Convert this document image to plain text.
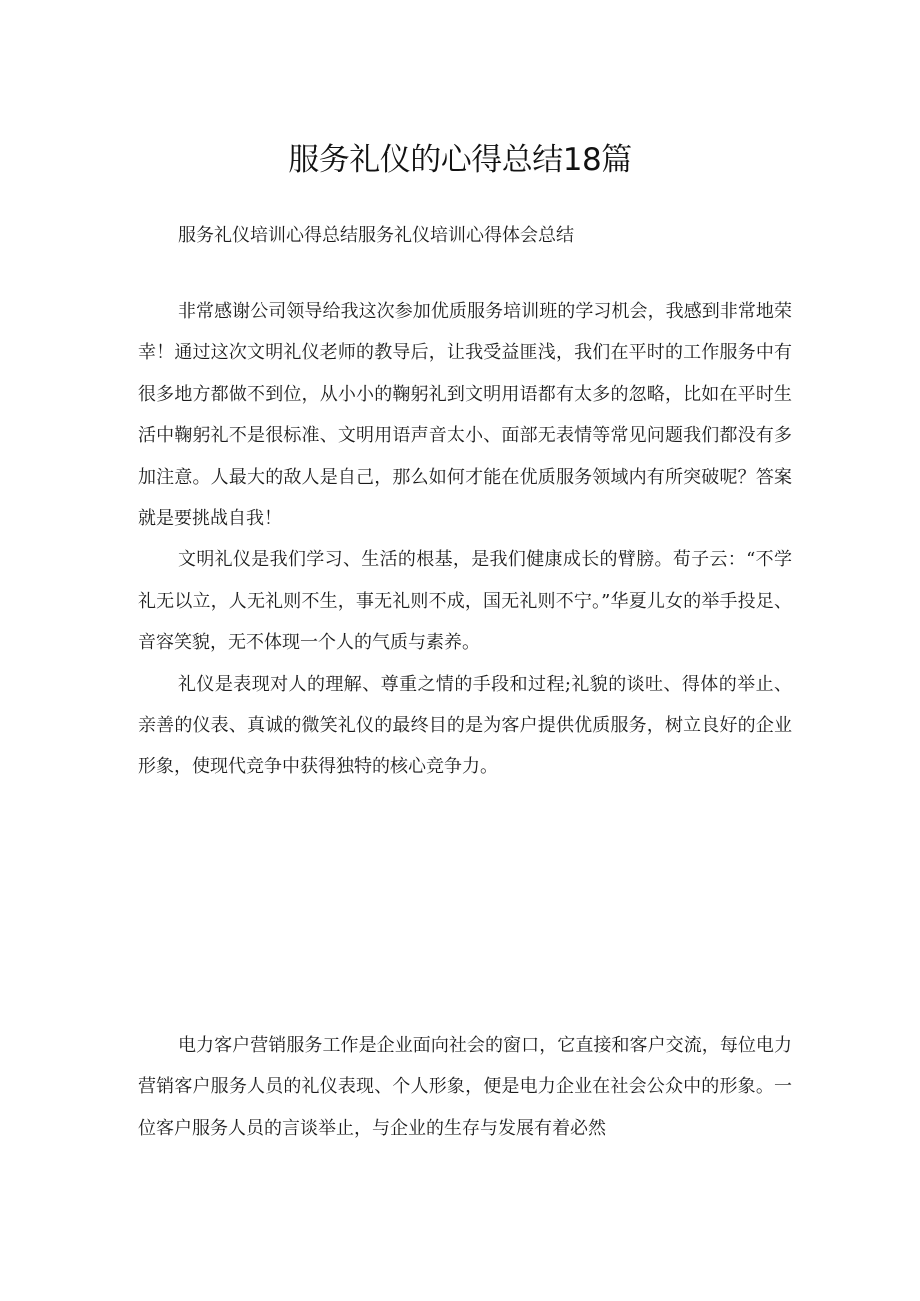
服务礼仪的心得总结18篇
服务礼仪培训心得总结服务礼仪培训心得体会总结

非常感谢公司领导给我这次参加优质服务培训班的学习机会，我感到非常地荣幸！通过这次文明礼仪老师的教导后，让我受益匪浅，我们在平时的工作服务中有很多地方都做不到位，从小小的鞠躬礼到文明用语都有太多的忽略，比如在平时生活中鞠躬礼不是很标准、文明用语声音太小、面部无表情等常见问题我们都没有多加注意。人最大的敌人是自己，那么如何才能在优质服务领域内有所突破呢？答案就是要挑战自我！

文明礼仪是我们学习、生活的根基，是我们健康成长的臂膀。荀子云：“不学礼无以立，人无礼则不生，事无礼则不成，国无礼则不宁。”华夏儿女的举手投足、音容笑貌，无不体现一个人的气质与素养。

礼仪是表现对人的理解、尊重之情的手段和过程;礼貌的谈吐、得体的举止、亲善的仪表、真诚的微笑礼仪的最终目的是为客户提供优质服务，树立良好的企业形象，使现代竞争中获得独特的核心竞争力。

电力客户营销服务工作是企业面向社会的窗口，它直接和客户交流，每位电力营销客户服务人员的礼仪表现、个人形象，便是电力企业在社会公众中的形象。一位客户服务人员的言谈举止，与企业的生存与发展有着必然
